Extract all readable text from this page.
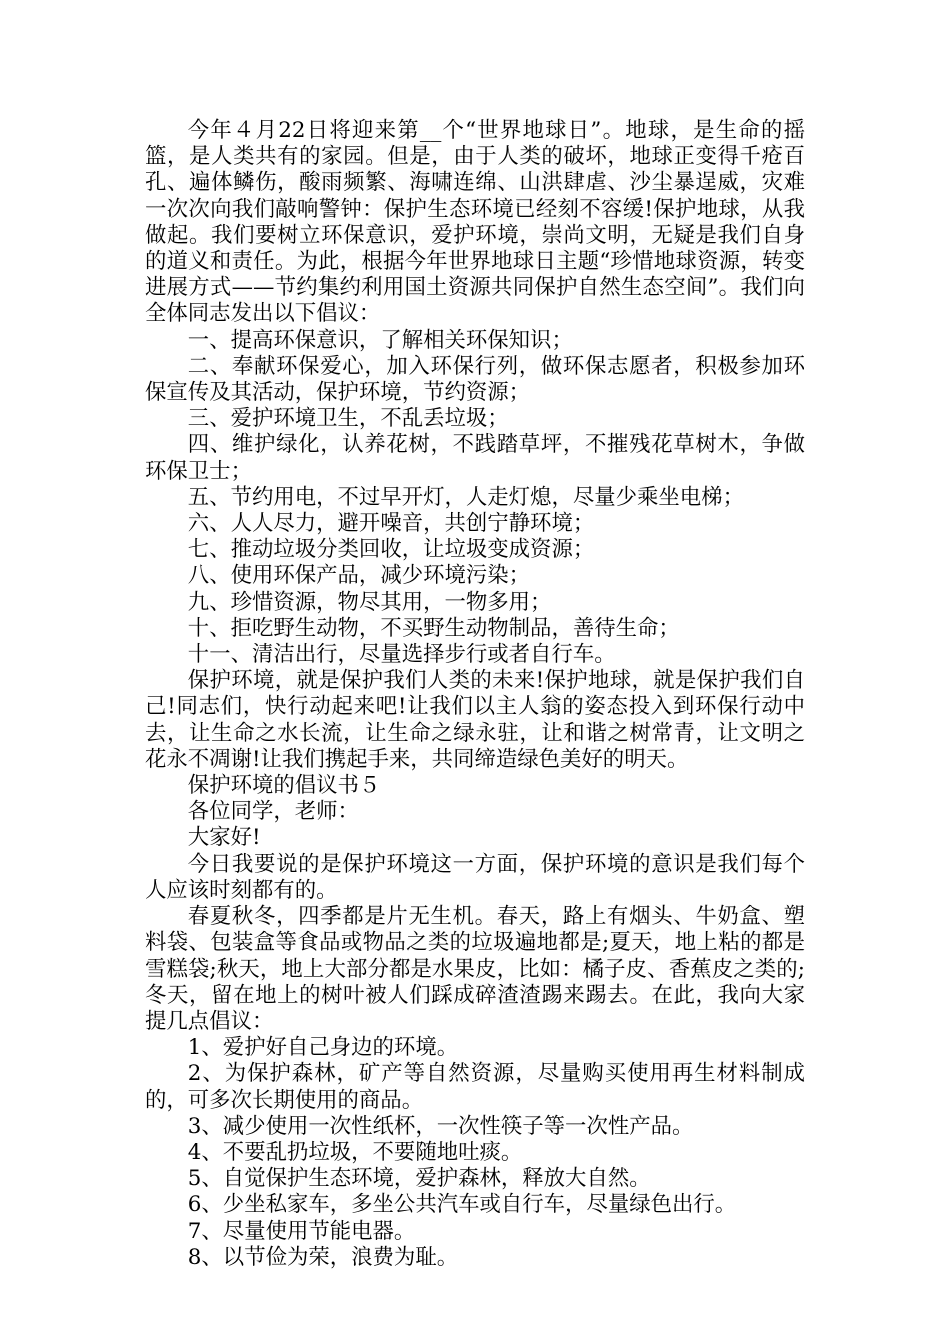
今年４月22日将迎来第__个“世界地球日”。地球，是生命的摇篮，是人类共有的家园。但是，由于人类的破坏，地球正变得千疮百孔、遍体鳞伤，酸雨频繁、海啸连绵、山洪肆虐、沙尘暴逞威，灾难一次次向我们敲响警钟：保护生态环境已经刻不容缓!保护地球，从我做起。我们要树立环保意识，爱护环境，崇尚文明，无疑是我们自身的道义和责任。为此，根据今年世界地球日主题“珍惜地球资源，转变进展方式——节约集约利用国土资源共同保护自然生态空间”。我们向全体同志发出以下倡议：

一、提高环保意识，了解相关环保知识；

二、奉献环保爱心，加入环保行列，做环保志愿者，积极参加环保宣传及其活动，保护环境，节约资源；

三、爱护环境卫生，不乱丢垃圾；

四、维护绿化，认养花树，不践踏草坪，不摧残花草树木，争做环保卫士；

五、节约用电，不过早开灯，人走灯熄，尽量少乘坐电梯；

六、人人尽力，避开噪音，共创宁静环境；

七、推动垃圾分类回收，让垃圾变成资源；

八、使用环保产品，减少环境污染；

九、珍惜资源，物尽其用，一物多用；

十、拒吃野生动物，不买野生动物制品，善待生命；

十一、清洁出行，尽量选择步行或者自行车。

保护环境，就是保护我们人类的未来!保护地球，就是保护我们自己!同志们，快行动起来吧!让我们以主人翁的姿态投入到环保行动中去，让生命之水长流，让生命之绿永驻，让和谐之树常青，让文明之花永不凋谢!让我们携起手来，共同缔造绿色美好的明天。

保护环境的倡议书５

各位同学，老师：

大家好!

今日我要说的是保护环境这一方面，保护环境的意识是我们每个人应该时刻都有的。

春夏秋冬，四季都是片无生机。春天，路上有烟头、牛奶盒、塑料袋、包装盒等食品或物品之类的垃圾遍地都是;夏天，地上粘的都是雪糕袋;秋天，地上大部分都是水果皮，比如：橘子皮、香蕉皮之类的;冬天，留在地上的树叶被人们踩成碎渣渣踢来踢去。在此，我向大家提几点倡议：

1、爱护好自己身边的环境。

2、为保护森林，矿产等自然资源，尽量购买使用再生材料制成的，可多次长期使用的商品。

3、减少使用一次性纸杯，一次性筷子等一次性产品。

4、不要乱扔垃圾，不要随地吐痰。

5、自觉保护生态环境，爱护森林，释放大自然。

6、少坐私家车，多坐公共汽车或自行车，尽量绿色出行。

7、尽量使用节能电器。

8、以节俭为荣，浪费为耻。
